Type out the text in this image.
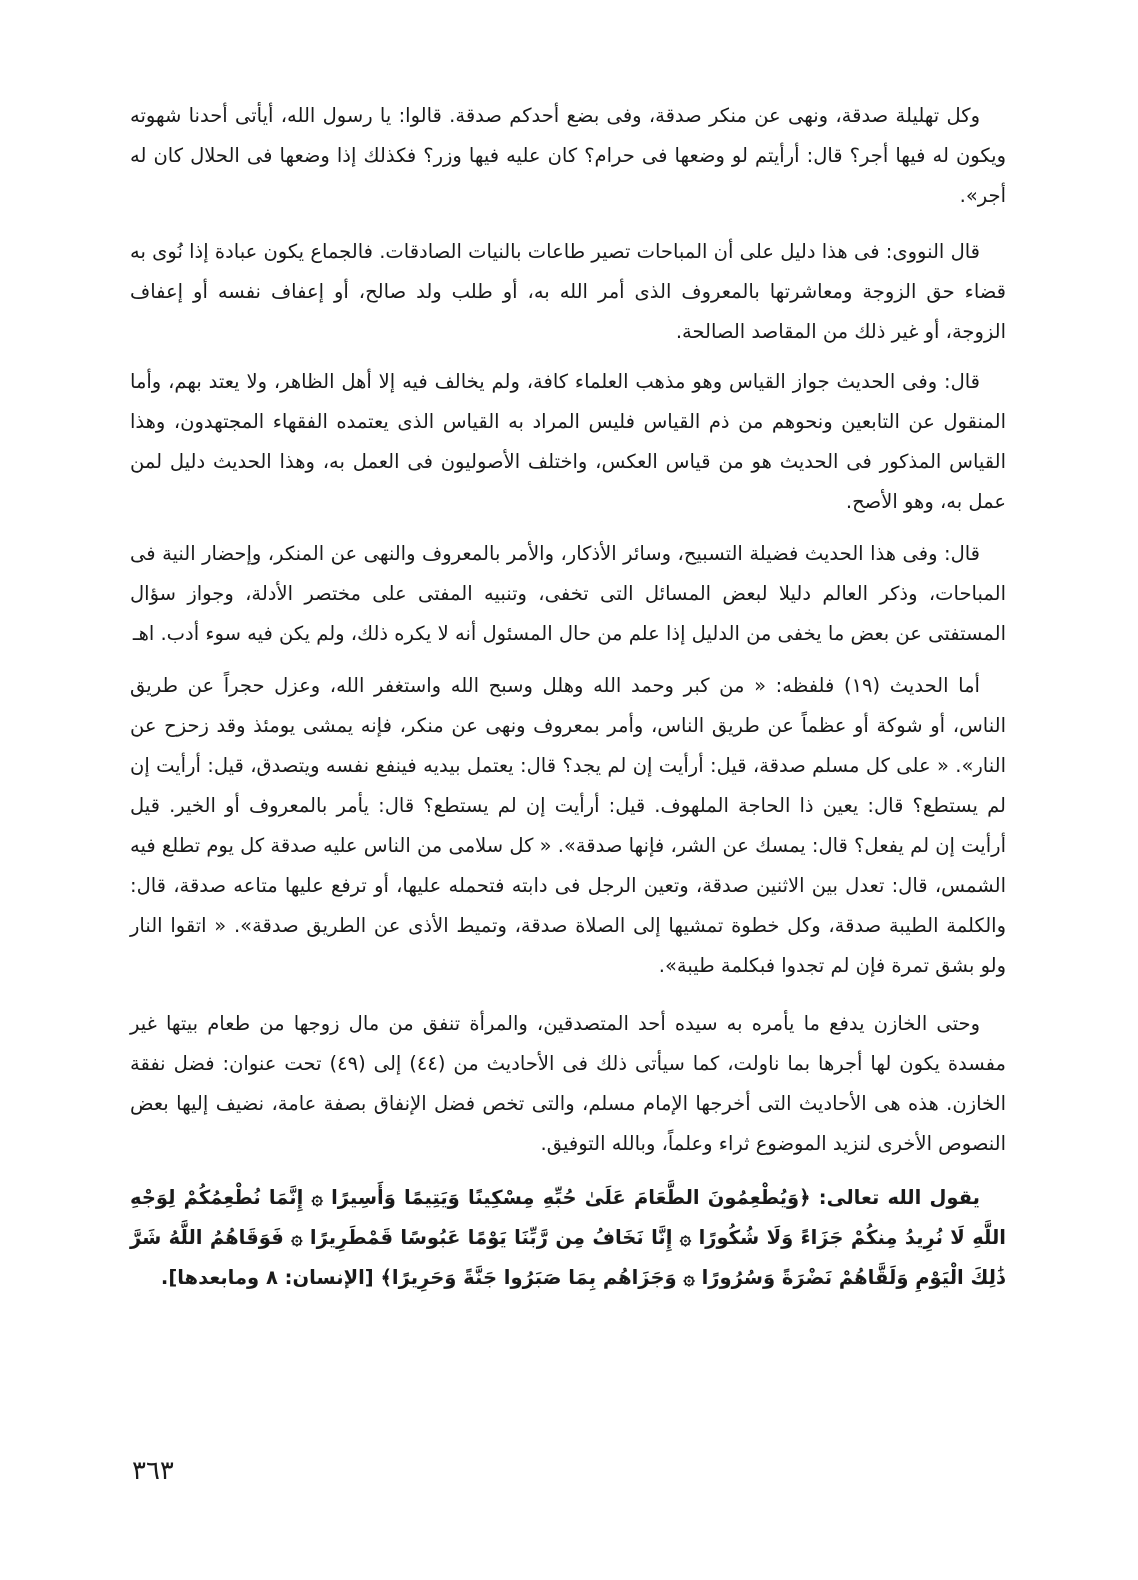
وكل تهليلة صدقة، ونهى عن منكر صدقة، وفى بضع أحدكم صدقة. قالوا: يا رسول الله، أيأتى أحدنا شهوته ويكون له فيها أجر؟ قال: أرأيتم لو وضعها فى حرام؟ كان عليه فيها وزر؟ فكذلك إذا وضعها فى الحلال كان له أجر».

قال النووى: فى هذا دليل على أن المباحات تصير طاعات بالنيات الصادقات. فالجماع يكون عبادة إذا نُوى به قضاء حق الزوجة ومعاشرتها بالمعروف الذى أمر الله به، أو طلب ولد صالح، أو إعفاف نفسه أو إعفاف الزوجة، أو غير ذلك من المقاصد الصالحة.

قال: وفى الحديث جواز القياس وهو مذهب العلماء كافة، ولم يخالف فيه إلا أهل الظاهر، ولا يعتد بهم، وأما المنقول عن التابعين ونحوهم من ذم القياس فليس المراد به القياس الذى يعتمده الفقهاء المجتهدون، وهذا القياس المذكور فى الحديث هو من قياس العكس، واختلف الأصوليون فى العمل به، وهذا الحديث دليل لمن عمل به، وهو الأصح.

قال: وفى هذا الحديث فضيلة التسبيح، وسائر الأذكار، والأمر بالمعروف والنهى عن المنكر، وإحضار النية فى المباحات، وذكر العالم دليلا لبعض المسائل التى تخفى، وتنبيه المفتى على مختصر الأدلة، وجواز سؤال المستفتى عن بعض ما يخفى من الدليل إذا علم من حال المسئول أنه لا يكره ذلك، ولم يكن فيه سوء أدب. اهـ

أما الحديث (١٩) فلفظه: « من كبر وحمد الله وهلل وسبح الله واستغفر الله، وعزل حجراً عن طريق الناس، أو شوكة أو عظماً عن طريق الناس، وأمر بمعروف ونهى عن منكر، فإنه يمشى يومئذ وقد زحزح عن النار». « على كل مسلم صدقة، قيل: أرأيت إن لم يجد؟ قال: يعتمل بيديه فينفع نفسه ويتصدق، قيل: أرأيت إن لم يستطع؟ قال: يعين ذا الحاجة الملهوف. قيل: أرأيت إن لم يستطع؟ قال: يأمر بالمعروف أو الخير. قيل أرأيت إن لم يفعل؟ قال: يمسك عن الشر، فإنها صدقة». « كل سلامى من الناس عليه صدقة كل يوم تطلع فيه الشمس، قال: تعدل بين الاثنين صدقة، وتعين الرجل فى دابته فتحمله عليها، أو ترفع عليها متاعه صدقة، قال: والكلمة الطيبة صدقة، وكل خطوة تمشيها إلى الصلاة صدقة، وتميط الأذى عن الطريق صدقة». « اتقوا النار ولو بشق تمرة فإن لم تجدوا فبكلمة طيبة».

وحتى الخازن يدفع ما يأمره به سيده أحد المتصدقين، والمرأة تنفق من مال زوجها من طعام بيتها غير مفسدة يكون لها أجرها بما ناولت، كما سيأتى ذلك فى الأحاديث من (٤٤) إلى (٤٩) تحت عنوان: فضل نفقة الخازن. هذه هى الأحاديث التى أخرجها الإمام مسلم، والتى تخص فضل الإنفاق بصفة عامة، نضيف إليها بعض النصوص الأخرى لنزيد الموضوع ثراء وعلماً، وبالله التوفيق.

يقول الله تعالى: ﴿وَيُطْعِمُونَ الطَّعَامَ عَلَىٰ حُبِّهِ مِسْكِينًا وَيَتِيمًا وَأَسِيرًا ۞ إِنَّمَا نُطْعِمُكُمْ لِوَجْهِ اللَّهِ لَا نُرِيدُ مِنكُمْ جَزَاءً وَلَا شُكُورًا ۞ إِنَّا نَخَافُ مِن رَّبِّنَا يَوْمًا عَبُوسًا قَمْطَرِيرًا ۞ فَوَقَاهُمُ اللَّهُ شَرَّ ذَٰلِكَ الْيَوْمِ وَلَقَّاهُمْ نَضْرَةً وَسُرُورًا ۞ وَجَزَاهُم بِمَا صَبَرُوا جَنَّةً وَحَرِيرًا﴾ [الإنسان: ٨ ومابعدها].

٣٦٣
